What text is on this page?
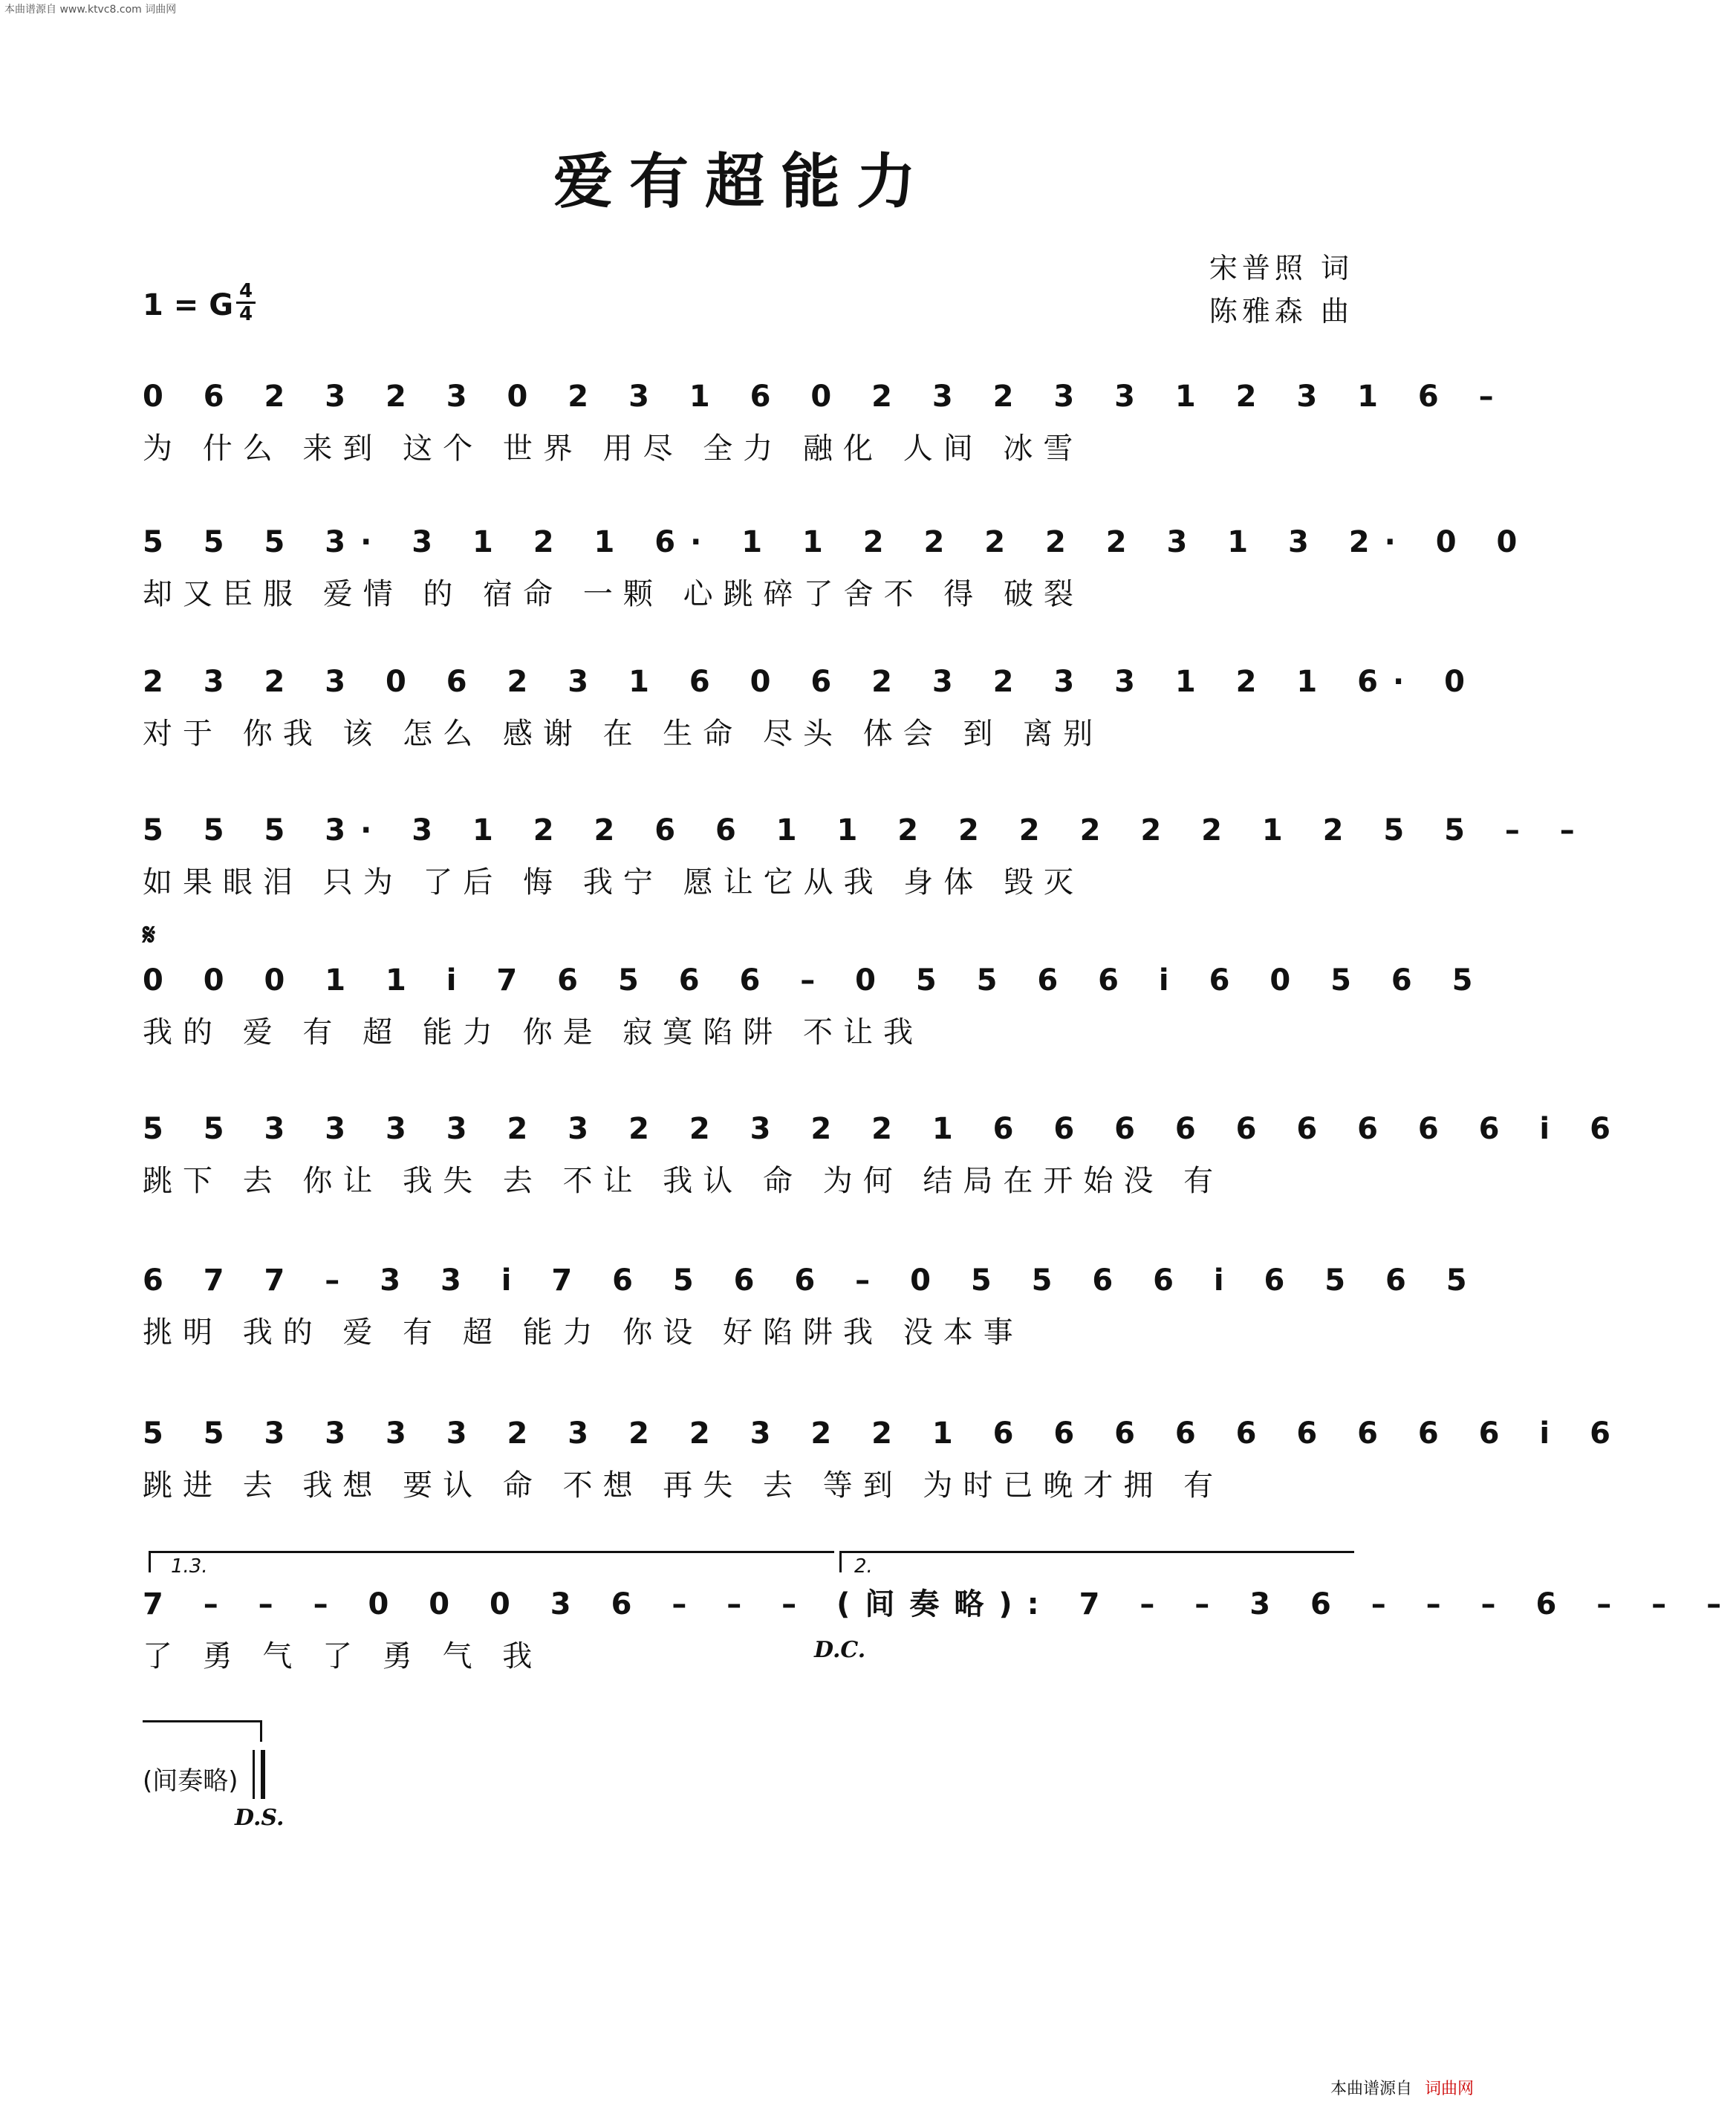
本曲谱源自 www.ktvc8.com 词曲网
爱有超能力
宋普照 词
陈雅森 曲
1 = G 4
4
0 6 2 3 2 3 0 2 3 1 6 0 2 3 2 3 3 1 2 3 1 6 –
为 什么 来到 这个 世界 用尽 全力 融化 人间 冰雪
5 5 5 3· 3 1 2 1 6· 1 1 2 2 2 2 2 3 1 3 2· 0 0
却又臣服 爱情 的 宿命 一颗 心跳碎了舍不 得 破裂
2 3 2 3 0 6 2 3 1 6 0 6 2 3 2 3 3 1 2 1 6· 0
对于 你我 该 怎么 感谢 在 生命 尽头 体会 到 离别
5 5 5 3· 3 1 2 2 6 6 1 1 2 2 2 2 2 2 1 2 5 5 – –
如果眼泪 只为 了后 悔 我宁 愿让它从我 身体 毁灭
𝄋
0 0 0 1 1 i 7 6 5 6 6 – 0 5 5 6 6 i 6 0 5 6 5
我的 爱 有 超 能力 你是 寂寞陷阱 不让我
5 5 3 3 3 3 2 3 2 2 3 2 2 1 6 6 6 6 6 6 6 6 6 i 6
跳下 去 你让 我失 去 不让 我认 命 为何 结局在开始没 有
6 7 7 – 3 3 i 7 6 5 6 6 – 0 5 5 6 6 i 6 5 6 5
挑明 我的 爱 有 超 能力 你设 好陷阱我 没本事
5 5 3 3 3 3 2 3 2 2 3 2 2 1 6 6 6 6 6 6 6 6 6 i 6
跳进 去 我想 要认 命 不想 再失 去 等到 为时已晚才拥 有
1.3.	2.
7 – – – 0 0 0 3 6 – – – (间奏略): 7 – – 3 6 – – – 6 – – –
了 勇 气 了 勇 气 我	D.C.
(间奏略)
D.S.
本曲谱源自 词曲网
